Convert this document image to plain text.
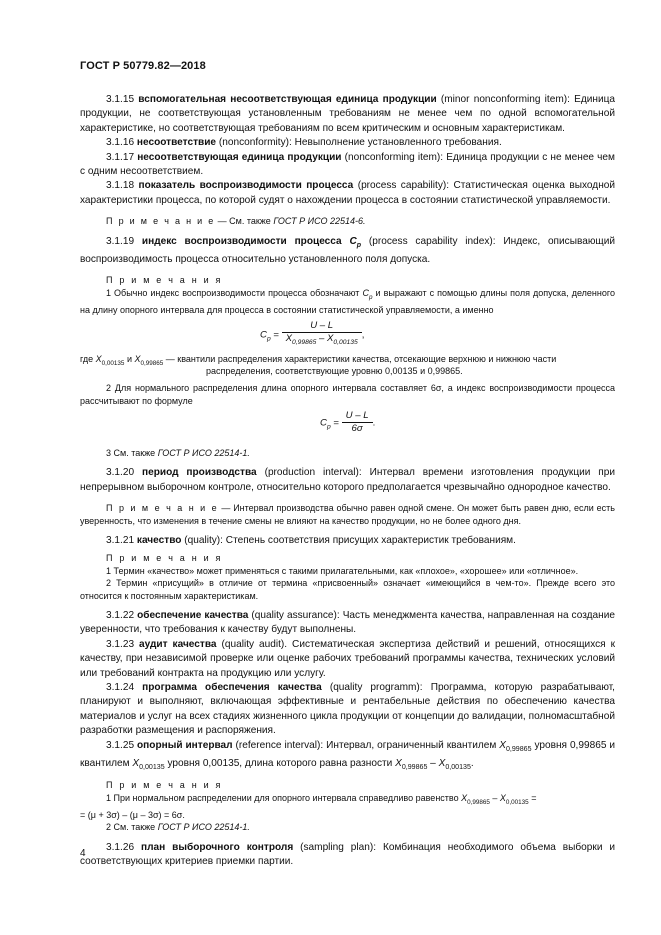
ГОСТ Р 50779.82—2018

3.1.15 вспомогательная несоответствующая единица продукции (minor nonconforming item): Единица продукции, не соответствующая установленным требованиям не менее чем по одной вспомогательной характеристике, но соответствующая требованиям по всем критическим и основным характеристикам.

3.1.16 несоответствие (nonconformity): Невыполнение установленного требования.

3.1.17 несоответствующая единица продукции (nonconforming item): Единица продукции с не менее чем с одним несоответствием.

3.1.18 показатель воспроизводимости процесса (process capability): Статистическая оценка выходной характеристики процесса, по которой судят о нахождении процесса в состоянии статистической управляемости.

П р и м е ч а н и е — См. также ГОСТ Р ИСО 22514-6.

3.1.19 индекс воспроизводимости процесса $C_p$ (process capability index): Индекс, описывающий воспроизводимость процесса относительно установленного поля допуска.

П р и м е ч а н и я

1 Обычно индекс воспроизводимости процесса обозначают $C_p$ и выражают с помощью длины поля допуска, деленного на длину опорного интервала для процесса в состоянии статистической управляемости, а именно

$C_p = \frac{U - L}{X_{0,99865} - X_{0,00135}}$ ,
где $X_{0,00135}$ и $X_{0,99865}$ — квантили распределения характеристики качества, отсекающие верхнюю и нижнюю части
распределения, соответствующие уровню 0,00135 и 0,99865.

2 Для нормального распределения длина опорного интервала составляет 6σ, а индекс воспроизводимости процесса рассчитывают по формуле

$C_p = \frac{U - L}{6\sigma}$ .

3 См. также ГОСТ Р ИСО 22514-1.

3.1.20 период производства (production interval): Интервал времени изготовления продукции при непрерывном выборочном контроле, относительно которого предполагается чрезвычайно однородное качество.

П р и м е ч а н и е — Интервал производства обычно равен одной смене. Он может быть равен дню, если есть уверенность, что изменения в течение смены не влияют на качество продукции, но не более одного дня.

3.1.21 качество (quality): Степень соответствия присущих характеристик требованиям.

П р и м е ч а н и я

1 Термин «качество» может применяться с такими прилагательными, как «плохое», «хорошее» или «отличное».

2 Термин «присущий» в отличие от термина «присвоенный» означает «имеющийся в чем-то». Прежде всего это относится к постоянным характеристикам.

3.1.22 обеспечение качества (quality assurance): Часть менеджмента качества, направленная на создание уверенности, что требования к качеству будут выполнены.

3.1.23 аудит качества (quality audit). Систематическая экспертиза действий и решений, относящихся к качеству, при независимой проверке или оценке рабочих требований программы качества, технических условий или требований контракта на продукцию или услугу.

3.1.24 программа обеспечения качества (quality programm): Программа, которую разрабатывают, планируют и выполняют, включающая эффективные и рентабельные действия по обеспечению качества материалов и услуг на всех стадиях жизненного цикла продукции от концепции до валидации, полномасштабной разработки размещения и распоряжения.

3.1.25 опорный интервал (reference interval): Интервал, ограниченный квантилем $X_{0,99865}$ уровня 0,99865 и квантилем $X_{0,00135}$ уровня 0,00135, длина которого равна разности $X_{0,99865} - X_{0,00135}$.

П р и м е ч а н и я

1 При нормальном распределении для опорного интервала справедливо равенство $X_{0,99865} - X_{0,00135}$ =

= (μ + 3σ) – (μ – 3σ) = 6σ.

2 См. также ГОСТ Р ИСО 22514-1.

3.1.26 план выборочного контроля (sampling plan): Комбинация необходимого объема выборки и соответствующих критериев приемки партии.

4
